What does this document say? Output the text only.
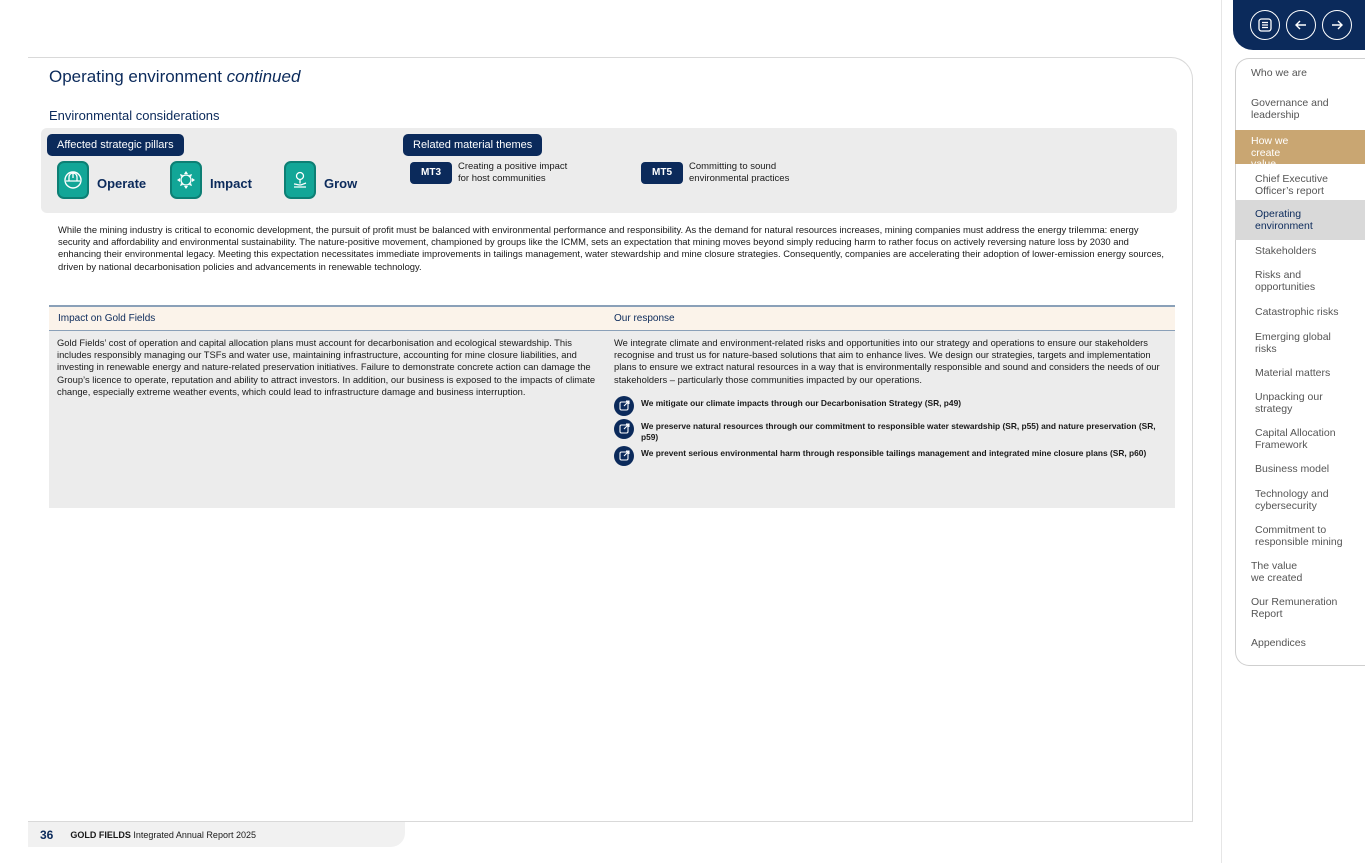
Operating environment continued
Environmental considerations
Affected strategic pillars	Related material themes
Operate	Impact	Grow
MT3
Creating a positive impact
for host communities
MT5
Committing to sound
environmental practices

While the mining industry is critical to economic development, the pursuit of profit must be balanced with environmental performance and responsibility. As the demand for natural resources increases, mining companies must address the energy trilemma: energy security and affordability and environmental sustainability. The nature-positive movement, championed by groups like the ICMM, sets an expectation that mining moves beyond simply reducing harm to rather focus on actively reversing nature loss by 2030 and enhancing their environmental legacy. Meeting this expectation necessitates immediate improvements in tailings management, water stewardship and mine closure strategies. Consequently, companies are accelerating their adoption of lower-emission energy sources, driven by national decarbonisation policies and advancements in renewable technology.

Impact on Gold Fields	Our response
Gold Fields’ cost of operation and capital allocation plans must account for decarbonisation and ecological stewardship. This includes responsibly managing our TSFs and water use, maintaining infrastructure, accounting for mine closure liabilities, and investing in renewable energy and nature-related preservation initiatives. Failure to demonstrate concrete action can damage the Group’s licence to operate, reputation and ability to attract investors. In addition, our business is exposed to the impacts of climate change, especially extreme weather events, which could lead to infrastructure damage and business interruption.

We integrate climate and environment-related risks and opportunities into our strategy and operations to ensure our stakeholders recognise and trust us for nature-based solutions that aim to enhance lives. We design our strategies, targets and implementation plans to ensure we extract natural resources in a way that is environmentally responsible and sound and considers the needs of our stakeholders – particularly those communities impacted by our operations.

We mitigate our climate impacts through our Decarbonisation Strategy (SR, p49)
We preserve natural resources through our commitment to responsible water stewardship (SR, p55) and nature preservation (SR, p59)
We prevent serious environmental harm through responsible tailings management and integrated mine closure plans (SR, p60)
36 GOLD FIELDS Integrated Annual Report 2025
Who we are
Governance and leadership
How we create value
Chief Executive Officer’s report
Operating environment
Stakeholders
Risks and opportunities
Catastrophic risks
Emerging global risks
Material matters
Unpacking our strategy
Capital Allocation Framework
Business model
Technology and cybersecurity
Commitment to responsible mining
The value we created
Our Remuneration Report
Appendices
